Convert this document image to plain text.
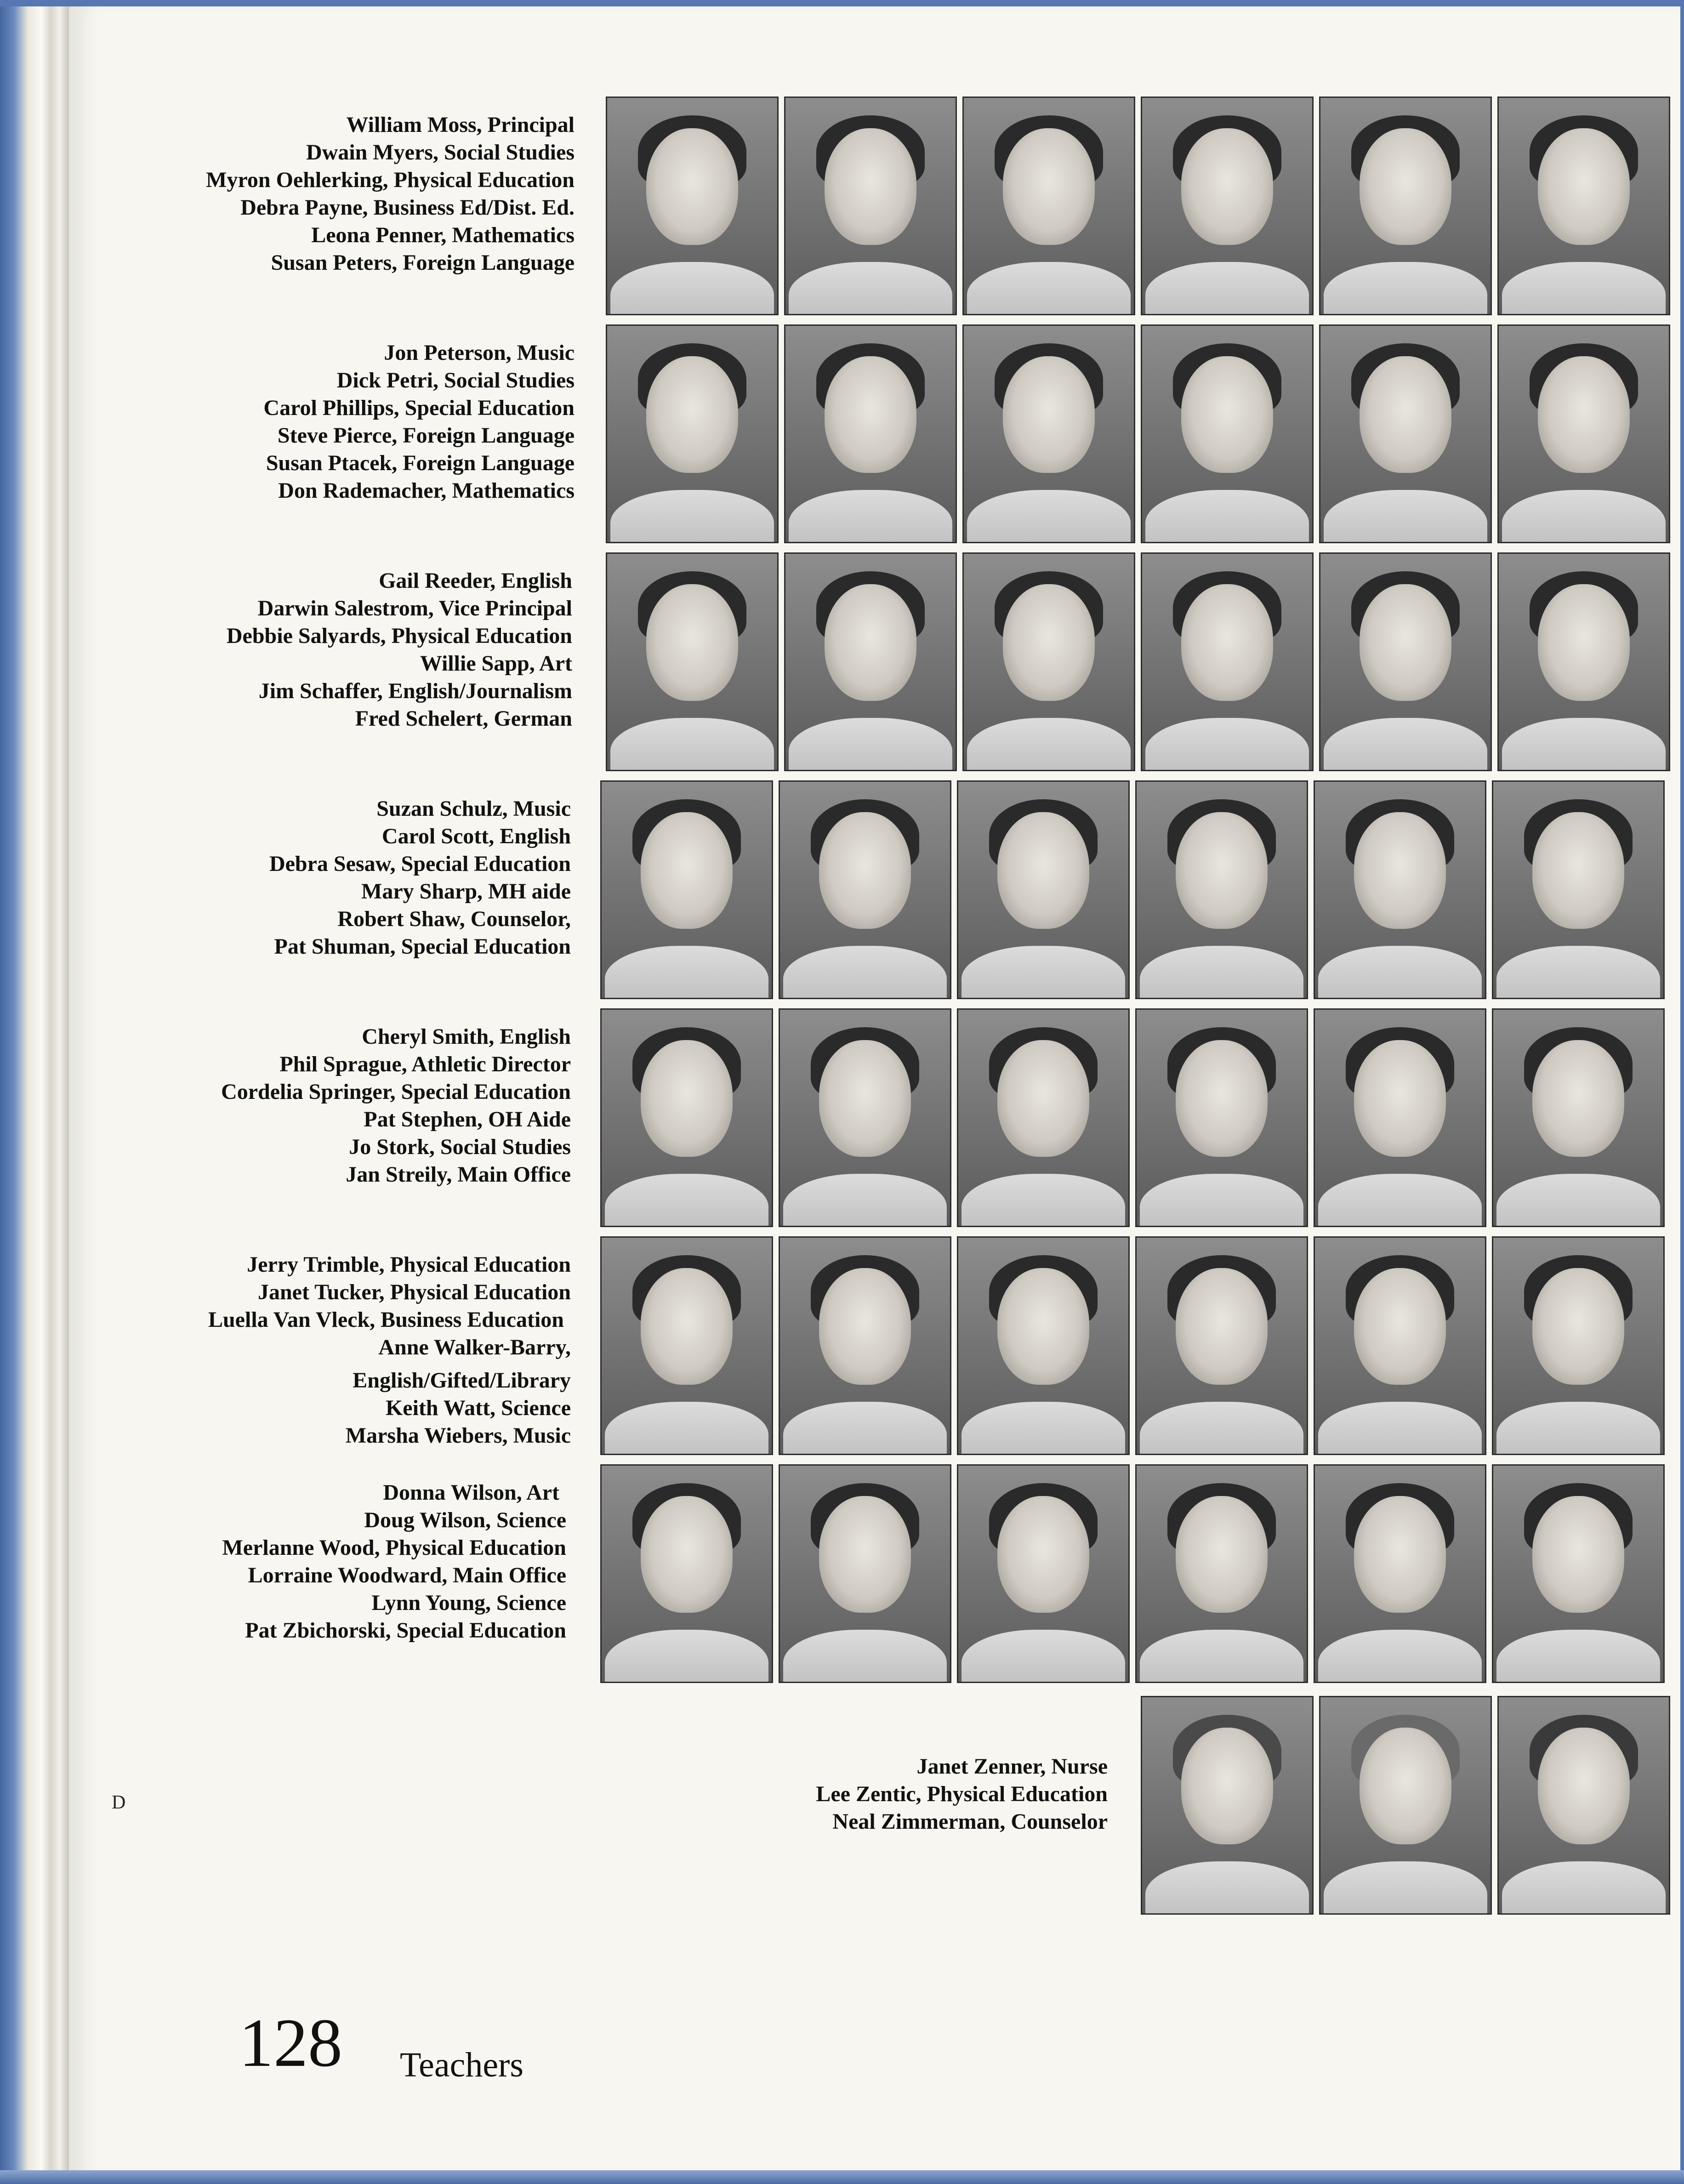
William Moss, Principal
Dwain Myers, Social Studies
Myron Oehlerking, Physical Education
Debra Payne, Business Ed/Dist. Ed.
Leona Penner, Mathematics
Susan Peters, Foreign Language
Jon Peterson, Music
Dick Petri, Social Studies
Carol Phillips, Special Education
Steve Pierce, Foreign Language
Susan Ptacek, Foreign Language
Don Rademacher, Mathematics
Gail Reeder, English
Darwin Salestrom, Vice Principal
Debbie Salyards, Physical Education
Willie Sapp, Art
Jim Schaffer, English/Journalism
Fred Schelert, German
Suzan Schulz, Music
Carol Scott, English
Debra Sesaw, Special Education
Mary Sharp, MH aide
Robert Shaw, Counselor,
Pat Shuman, Special Education
Cheryl Smith, English
Phil Sprague, Athletic Director
Cordelia Springer, Special Education
Pat Stephen, OH Aide
Jo Stork, Social Studies
Jan Streily, Main Office
Jerry Trimble, Physical Education
Janet Tucker, Physical Education
Luella Van Vleck, Business Education
Anne Walker-Barry,
English/Gifted/Library
Keith Watt, Science
Marsha Wiebers, Music
Donna Wilson, Art
Doug Wilson, Science
Merlanne Wood, Physical Education
Lorraine Woodward, Main Office
Lynn Young, Science
Pat Zbichorski, Special Education
Janet Zenner, Nurse
Lee Zentic, Physical Education
Neal Zimmerman, Counselor
D
128 Teachers
